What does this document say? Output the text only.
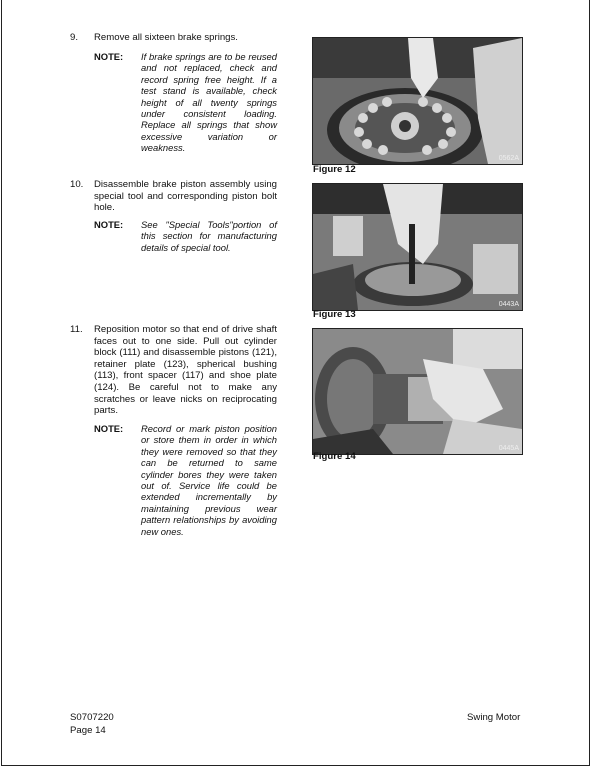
9. Remove all sixteen brake springs.
NOTE: If brake springs are to be reused and not replaced, check and record spring free height. If a test stand is available, check height of all twenty springs under consistent loading. Replace all springs that show excessive variation or weakness.
10. Disassemble brake piston assembly using special tool and corresponding piston bolt hole.
NOTE: See "Special Tools"portion of this section for manufacturing details of special tool.
11. Reposition motor so that end of drive shaft faces out to one side. Pull out cylinder block (111) and disassemble pistons (121), retainer plate (123), spherical bushing (113), front spacer (117) and shoe plate (124). Be careful not to make any scratches or leave nicks on reciprocating parts.
NOTE: Record or mark piston position or store them in order in which they were removed so that they can be returned to same cylinder bores they were taken out of. Service life could be extended incrementally by maintaining previous wear pattern relationships by avoiding new ones.
0562A
Figure 12
0443A
Figure 13
0445A
Figure 14
S0707220
Page 14
Swing Motor
